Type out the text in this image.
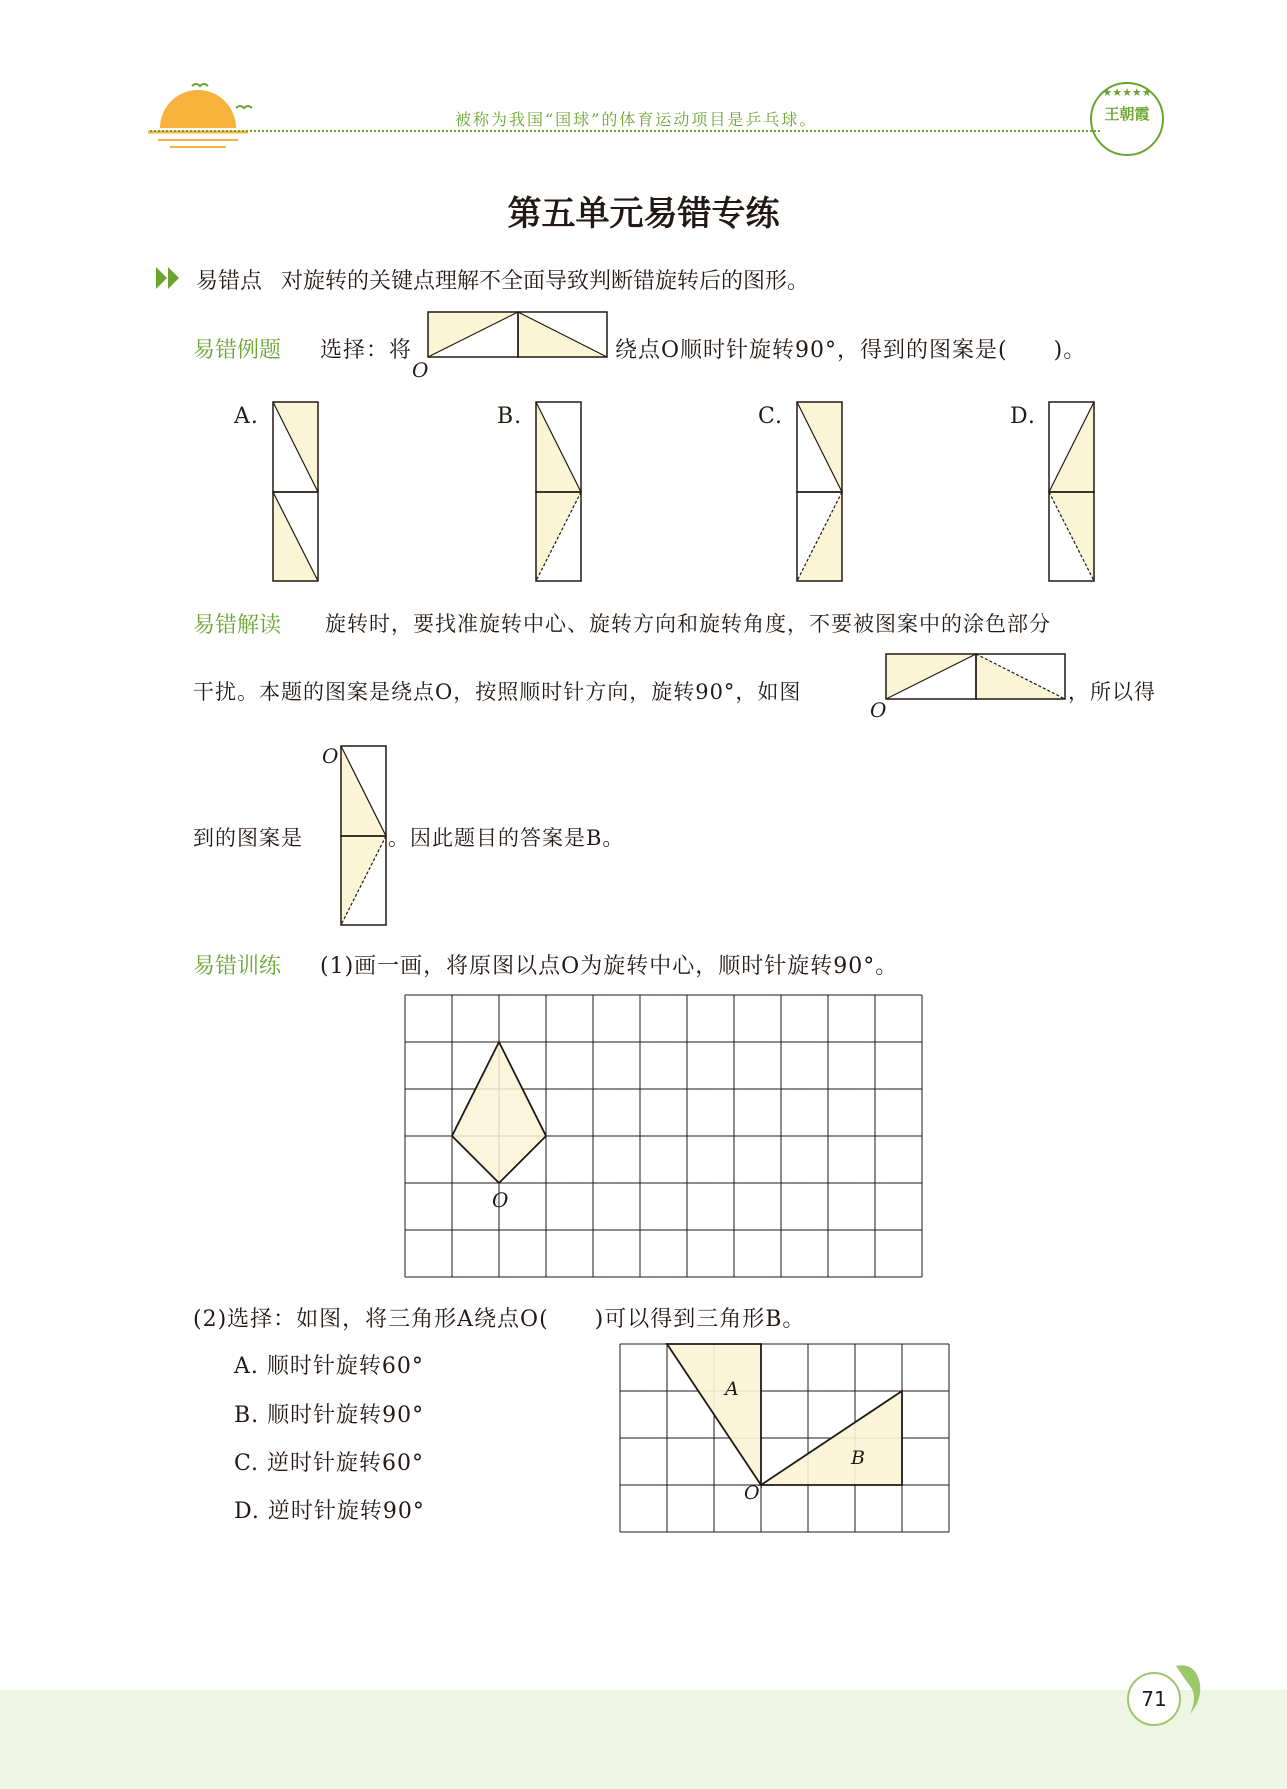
被称为我国“国球”的体育运动项目是乒乓球。
★★★★★
王朝霞
第五单元易错专练
易错点 对旋转的关键点理解不全面导致判断错旋转后的图形。
易错例题 选择：将
O
绕点O顺时针旋转90°，得到的图案是(　　)。
A.	B.	C.	D.
易错解读 旋转时，要找准旋转中心、旋转方向和旋转角度，不要被图案中的涂色部分
干扰。本题的图案是绕点O，按照顺时针方向，旋转90°，如图
O
，所以得
O
到的图案是	。因此题目的答案是B。
易错训练 (1)画一画，将原图以点O为旋转中心，顺时针旋转90°。
O
(2)选择：如图，将三角形A绕点O(　　)可以得到三角形B。
A. 顺时针旋转60°
B. 顺时针旋转90°
C. 逆时针旋转60°
D. 逆时针旋转90°
A
B
O
71
